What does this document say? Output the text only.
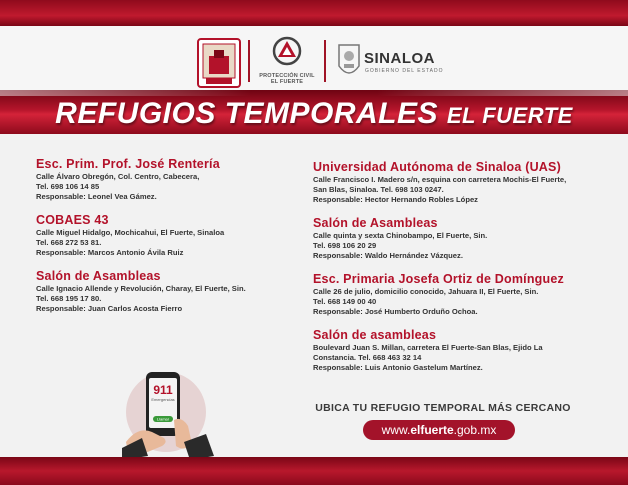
PROTECCIÓN CIVIL
EL FUERTE
SINALOA
GOBIERNO DEL ESTADO
REFUGIOS TEMPORALES EL FUERTE
Esc. Prim. Prof. José Rentería
Calle Álvaro Obregón, Col. Centro, Cabecera,
Tel. 698 106 14 85
Responsable: Leonel Vea Gámez.
COBAES 43
Calle Miguel Hidalgo, Mochicahui, El Fuerte, Sinaloa
Tel. 668 272 53 81.
Responsable: Marcos Antonio Ávila Ruiz
Salón de Asambleas
Calle Ignacio Allende y Revolución, Charay, El Fuerte, Sin.
Tel. 668 195 17 80.
Responsable: Juan Carlos Acosta Fierro
Universidad Autónoma de Sinaloa (UAS)
Calle Francisco I. Madero s/n, esquina con carretera Mochis-El Fuerte,
San Blas, Sinaloa. Tel. 698 103 0247.
Responsable: Hector Hernando Robles López
Salón de Asambleas
Calle quinta y sexta Chinobampo, El Fuerte, Sin.
Tel. 698 106 20 29
Responsable: Waldo Hernández Vázquez.
Esc. Primaria Josefa Ortiz de Domínguez
Calle 26 de julio, domicilio conocido, Jahuara II, El Fuerte, Sin.
Tel. 668 149 00 40
Responsable: José Humberto Orduño Ochoa.
Salón de asambleas
Boulevard Juan S. Millan, carretera El Fuerte-San Blas, Ejido La
Constancia. Tel. 668 463 32 14
Responsable: Luis Antonio Gastelum Martínez.
911
Emergencias
Llamar
UBICA TU REFUGIO TEMPORAL MÁS CERCANO
www.elfuerte.gob.mx
